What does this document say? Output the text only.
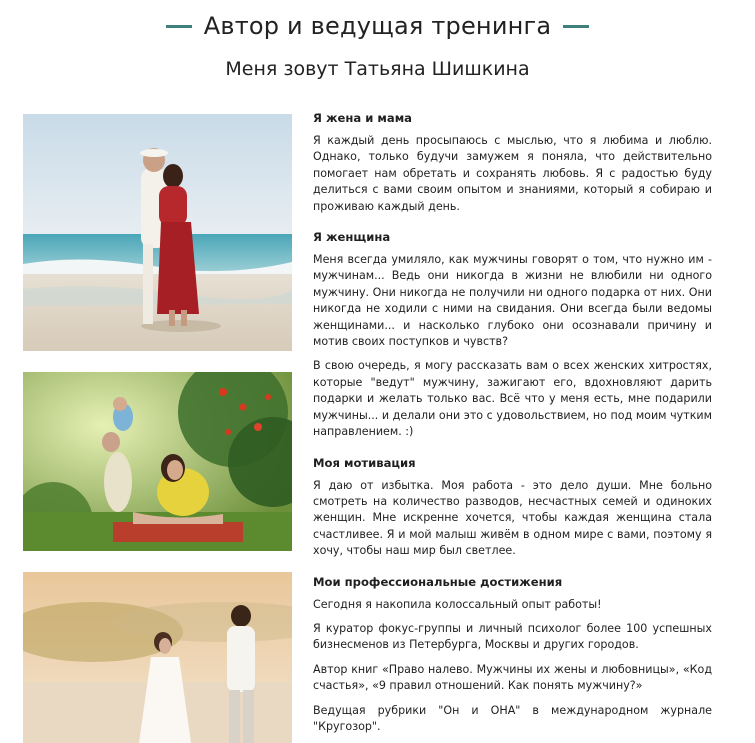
Автор и ведущая тренинга

Меня зовут Татьяна Шишкина

Я жена и мама

Я каждый день просыпаюсь с мыслью, что я любима и люблю. Однако, только будучи замужем я поняла, что действительно помогает нам обретать и сохранять любовь. Я с радостью буду делиться с вами своим опытом и знаниями, который я собираю и проживаю каждый день.

Я женщина

Меня всегда умиляло, как мужчины говорят о том, что нужно им - мужчинам... Ведь они никогда в жизни не влюбили ни одного мужчину. Они никогда не получили ни одного подарка от них. Они никогда не ходили с ними на свидания. Они всегда были ведомы женщинами... и насколько глубоко они осознавали причину и мотив своих поступков и чувств?

В свою очередь, я могу рассказать вам о всех женских хитростях, которые "ведут" мужчину, зажигают его, вдохновляют дарить подарки и желать только вас. Всё что у меня есть, мне подарили мужчины... и делали они это с удовольствием, но под моим чутким направлением. :)

Моя мотивация

Я даю от избытка. Моя работа - это дело души. Мне больно смотреть на количество разводов, несчастных семей и одиноких женщин. Мне искренне хочется, чтобы каждая женщина стала счастливее. Я и мой малыш живём в одном мире с вами, поэтому я хочу, чтобы наш мир был светлее.

Мои профессиональные достижения

Сегодня я накопила колоссальный опыт работы!

Я куратор фокус-группы и личный психолог более 100 успешных бизнесменов из Петербурга, Москвы и других городов.

Автор книг «Право налево. Мужчины их жены и любовницы», «Код счастья», «9 правил отношений. Как понять мужчину?»

Ведущая рубрики "Он и ОНА" в международном журнале "Кругозор".
